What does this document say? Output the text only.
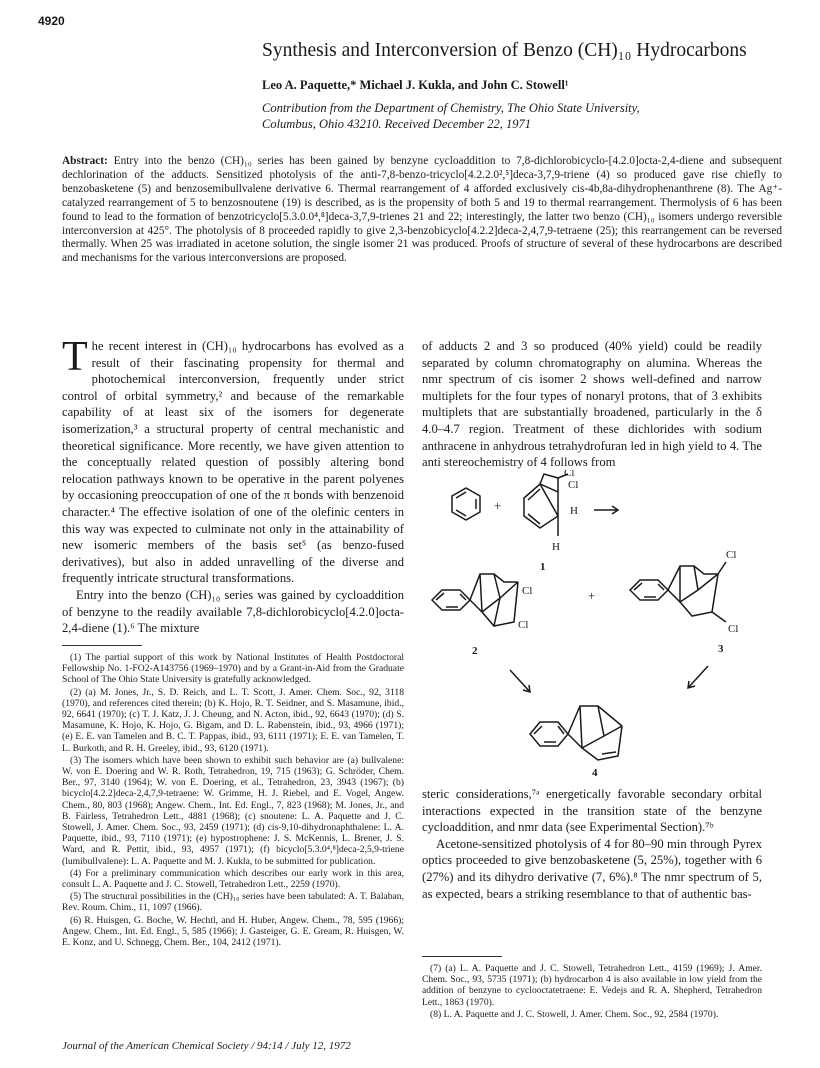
4920
Synthesis and Interconversion of Benzo (CH)₁₀ Hydrocarbons
Leo A. Paquette,* Michael J. Kukla, and John C. Stowell¹
Contribution from the Department of Chemistry, The Ohio State University,
Columbus, Ohio 43210. Received December 22, 1971
Abstract: Entry into the benzo (CH)₁₀ series has been gained by benzyne cycloaddition to 7,8-dichlorobicyclo-[4.2.0]octa-2,4-diene and subsequent dechlorination of the adducts. Sensitized photolysis of the anti-7,8-benzo-tricyclo[4.2.2.0²,⁵]deca-3,7,9-triene (4) so produced gave rise chiefly to benzobasketene (5) and benzosemibullvalene derivative 6. Thermal rearrangement of 4 afforded exclusively cis-4b,8a-dihydrophenanthrene (8). The Ag⁺-catalyzed rearrangement of 5 to benzosnoutene (19) is described, as is the propensity of both 5 and 19 to thermal rearrangement. Thermolysis of 6 has been found to lead to the formation of benzotricyclo[5.3.0.0⁴,⁸]deca-3,7,9-trienes 21 and 22; interestingly, the latter two benzo (CH)₁₀ isomers undergo reversible interconversion at 425°. The photolysis of 8 proceeded rapidly to give 2,3-benzobicyclo[4.2.2]deca-2,4,7,9-tetraene (25); this rearrangement can be reversed thermally. When 25 was irradiated in acetone solution, the single isomer 21 was produced. Proofs of structure of several of these hydrocarbons are described and mechanisms for the various interconversions are proposed.

The recent interest in (CH)₁₀ hydrocarbons has evolved as a result of their fascinating propensity for thermal and photochemical interconversion, frequently under strict control of orbital symmetry,² and because of the remarkable capability of at least six of the isomers for degenerate isomerization,³ a structural property of central mechanistic and theoretical significance. More recently, we have given attention to the conceptually related question of possibly altering bond relocation pathways known to be operative in the parent polyenes by occasioning preoccupation of one of the π bonds with benzenoid character.⁴ The effective isolation of one of the olefinic centers in this way was expected to culminate not only in the attainability of new isomeric members of the basis set⁵ (as benzo-fused derivatives), but also in added unravelling of the diverse and frequently intricate structural transformations.

Entry into the benzo (CH)₁₀ series was gained by cycloaddition of benzyne to the readily available 7,8-dichlorobicyclo[4.2.0]octa-2,4-diene (1).⁶ The mixture

(1) The partial support of this work by National Institutes of Health Postdoctoral Fellowship No. 1-FO2-A143756 (1969–1970) and by a Grant-in-Aid from the Graduate School of The Ohio State University is gratefully acknowledged.

(2) (a) M. Jones, Jr., S. D. Reich, and L. T. Scott, J. Amer. Chem. Soc., 92, 3118 (1970), and references cited therein; (b) K. Hojo, R. T. Seidner, and S. Masamune, ibid., 92, 6641 (1970); (c) T. J. Katz, J. J. Cheung, and N. Acton, ibid., 92, 6643 (1970); (d) S. Masamune, K. Hojo, K. Hojo, G. Bigam, and D. L. Rabenstein, ibid., 93, 4966 (1971); (e) E. E. van Tamelen and B. C. T. Pappas, ibid., 93, 6111 (1971); E. E. van Tamelen, T. L. Burkoth, and R. H. Greeley, ibid., 93, 6120 (1971).

(3) The isomers which have been shown to exhibit such behavior are (a) bullvalene: W. von E. Doering and W. R. Roth, Tetrahedron, 19, 715 (1963); G. Schröder, Chem. Ber., 97, 3140 (1964); W. von E. Doering, et al., Tetrahedron, 23, 3943 (1967); (b) bicyclo[4.2.2]deca-2,4,7,9-tetraene: W. Grimme, H. J. Riebel, and E. Vogel, Angew. Chem., 80, 803 (1968); Angew. Chem., Int. Ed. Engl., 7, 823 (1968); M. Jones, Jr., and B. Fairless, Tetrahedron Lett., 4881 (1968); (c) snoutene: L. A. Paquette and J. C. Stowell, J. Amer. Chem. Soc., 93, 2459 (1971); (d) cis-9,10-dihydronaphthalene: L. A. Paquette, ibid., 93, 7110 (1971); (e) hypostrophene: J. S. McKennis, L. Brener, J. S. Ward, and R. Pettit, ibid., 93, 4957 (1971); (f) bicyclo[5.3.0⁴,⁸]deca-2,5,9-triene (lumibullvalene): L. A. Paquette and M. J. Kukla, to be submitted for publication.

(4) For a preliminary communication which describes our early work in this area, consult L. A. Paquette and J. C. Stowell, Tetrahedron Lett., 2259 (1970).

(5) The structural possibilities in the (CH)₁₀ series have been tabulated: A. T. Balaban, Rev. Roum. Chim., 11, 1097 (1966).

(6) R. Huisgen, G. Boche, W. Hechtl, and H. Huber, Angew. Chem., 78, 595 (1966); Angew. Chem., Int. Ed. Engl., 5, 585 (1966); J. Gasteiger, G. E. Gream, R. Huisgen, W. E. Konz, and U. Schnegg, Chem. Ber., 104, 2412 (1971).

of adducts 2 and 3 so produced (40% yield) could be readily separated by column chromatography on alumina. Whereas the nmr spectrum of cis isomer 2 shows well-defined and narrow multiplets for the four types of nonaryl protons, that of 3 exhibits multiplets that are substantially broadened, particularly in the δ 4.0–4.7 region. Treatment of these dichlorides with sodium anthracene in anhydrous tetrahydrofuran led in high yield to 4. The anti stereochemistry of 4 follows from

Cl
Cl
H
H
+
1
Cl
Cl
2
+
Cl
Cl
3
4

steric considerations,⁷ᵃ energetically favorable secondary orbital interactions expected in the transition state of the benzyne cycloaddition, and nmr data (see Experimental Section).⁷ᵇ

Acetone-sensitized photolysis of 4 for 80–90 min through Pyrex optics proceeded to give benzobasketene (5, 25%), together with 6 (27%) and its dihydro derivative (7, 6%).⁸ The nmr spectrum of 5, as expected, bears a striking resemblance to that of authentic bas-

(7) (a) L. A. Paquette and J. C. Stowell, Tetrahedron Lett., 4159 (1969); J. Amer. Chem. Soc., 93, 5735 (1971); (b) hydrocarbon 4 is also available in low yield from the addition of benzyne to cyclooctatetraene: E. Vedejs and R. A. Shepherd, Tetrahedron Lett., 1863 (1970).

(8) L. A. Paquette and J. C. Stowell, J. Amer. Chem. Soc., 92, 2584 (1970).

Journal of the American Chemical Society / 94:14 / July 12, 1972
